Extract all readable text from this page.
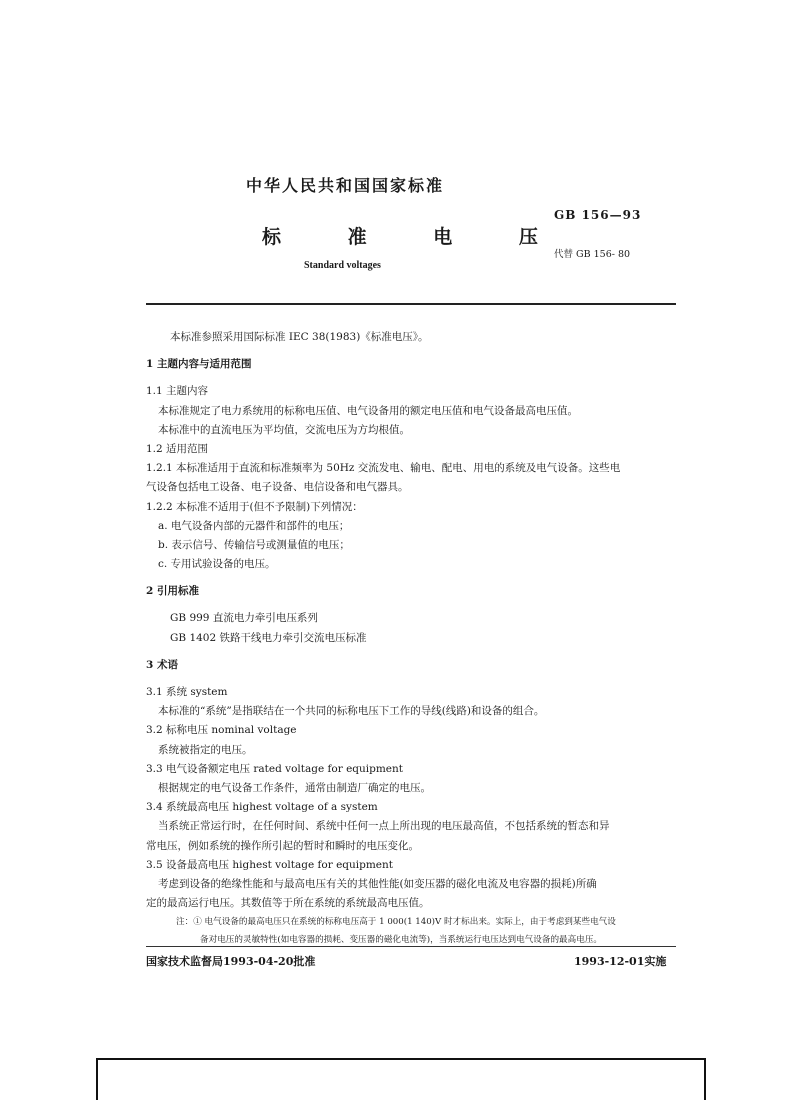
中华人民共和国国家标准
GB 156—93
标 准 电 压
代替 GB 156- 80
Standard voltages
本标准参照采用国际标准 IEC 38(1983)《标准电压》。
1 主题内容与适用范围
1.1 主题内容
本标准规定了电力系统用的标称电压值、电气设备用的额定电压值和电气设备最高电压值。
本标准中的直流电压为平均值，交流电压为方均根值。
1.2 适用范围
1.2.1 本标准适用于直流和标准频率为 50Hz 交流发电、输电、配电、用电的系统及电气设备。这些电
气设备包括电工设备、电子设备、电信设备和电气器具。
1.2.2 本标准不适用于(但不予限制)下列情况：
a. 电气设备内部的元器件和部件的电压；
b. 表示信号、传输信号或测量值的电压；
c. 专用试验设备的电压。
2 引用标准
GB 999 直流电力牵引电压系列
GB 1402 铁路干线电力牵引交流电压标准
3 术语
3.1 系统 system
本标准的“系统”是指联结在一个共同的标称电压下工作的导线(线路)和设备的组合。
3.2 标称电压 nominal voltage
系统被指定的电压。
3.3 电气设备额定电压 rated voltage for equipment
根据规定的电气设备工作条件，通常由制造厂确定的电压。
3.4 系统最高电压 highest voltage of a system
当系统正常运行时，在任何时间、系统中任何一点上所出现的电压最高值，不包括系统的暂态和异
常电压，例如系统的操作所引起的暂时和瞬时的电压变化。
3.5 设备最高电压 highest voltage for equipment
考虑到设备的绝缘性能和与最高电压有关的其他性能(如变压器的磁化电流及电容器的损耗)所确
定的最高运行电压。其数值等于所在系统的系统最高电压值。
注：① 电气设备的最高电压只在系统的标称电压高于 1 000(1 140)V 时才标出来。实际上，由于考虑到某些电气设
备对电压的灵敏特性(如电容器的损耗、变压器的磁化电流等)，当系统运行电压达到电气设备的最高电压。
国家技术监督局1993-04-20批准	1993-12-01实施
